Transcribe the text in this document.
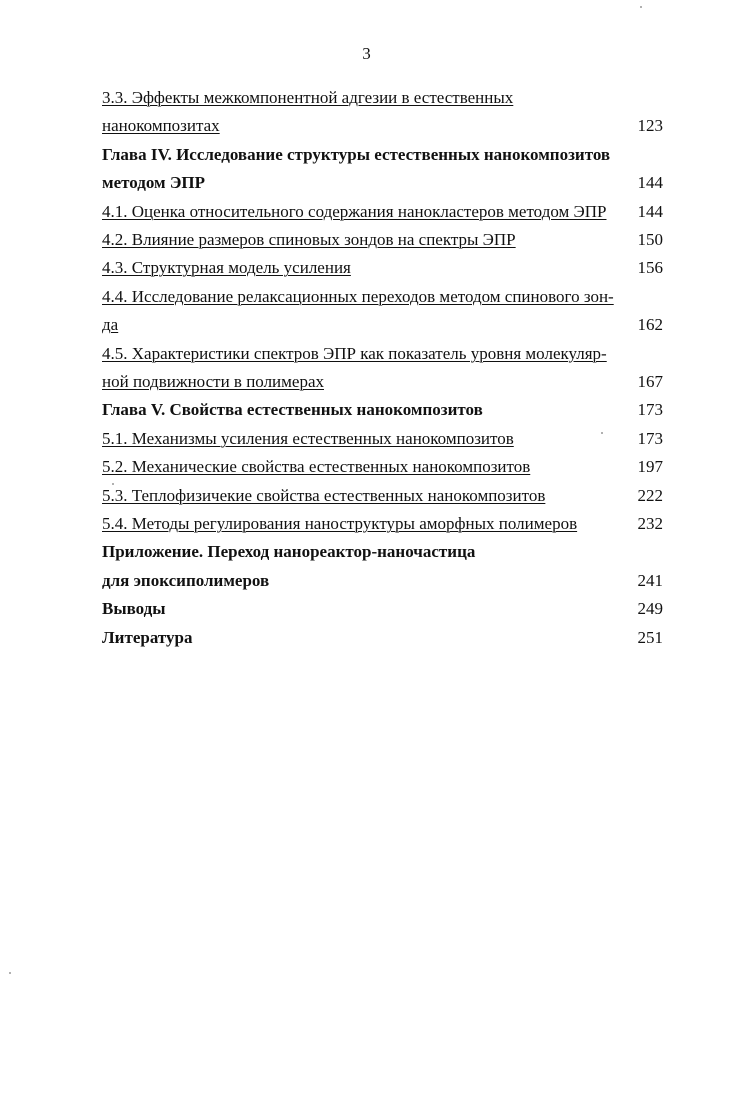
3
3.3. Эффекты межкомпонентной адгезии в естественных
нанокомпозитах	123
Глава IV. Исследование структуры естественных нанокомпозитов
методом ЭПР	144
4.1. Оценка относительного содержания нанокластеров методом ЭПР 144
4.2. Влияние размеров спиновых зондов на спектры ЭПР	150
4.3. Структурная модель усиления	156
4.4. Исследование релаксационных переходов методом спинового зон-
да	162
4.5. Характеристики спектров ЭПР как показатель уровня молекуляр-
ной подвижности в полимерах	167
Глава V. Свойства естественных нанокомпозитов	173
5.1. Механизмы усиления естественных нанокомпозитов	173
5.2. Механические свойства естественных нанокомпозитов	197
5.3. Теплофизичекие свойства естественных нанокомпозитов	222
5.4. Методы регулирования наноструктуры аморфных полимеров	232
Приложение. Переход нанореактор-наночастица
для эпоксиполимеров	241
Выводы	249
Литература	251
